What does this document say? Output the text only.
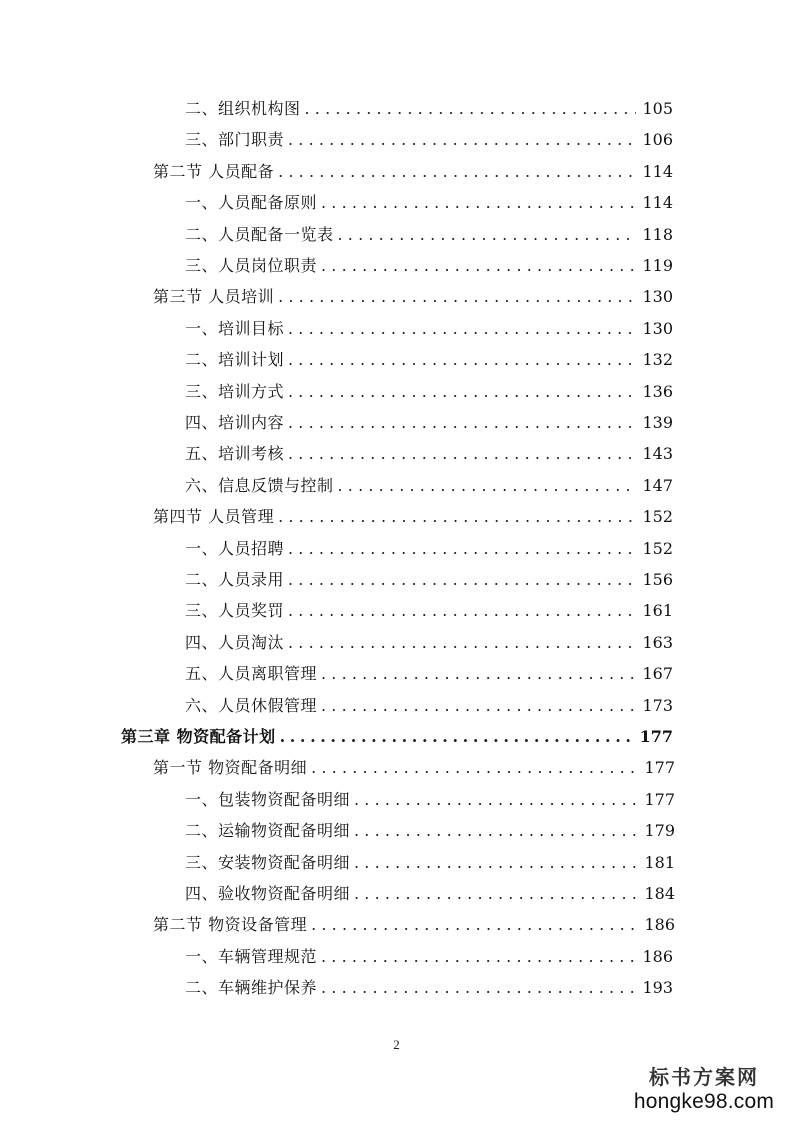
二、组织机构图 .....	105
三、部门职责 .....	106
第二节 人员配备 .....	114
一、人员配备原则 .....	114
二、人员配备一览表 .....	118
三、人员岗位职责 .....	119
第三节 人员培训 .....	130
一、培训目标 .....	130
二、培训计划 .....	132
三、培训方式 .....	136
四、培训内容 .....	139
五、培训考核 .....	143
六、信息反馈与控制 .....	147
第四节 人员管理 .....	152
一、人员招聘 .....	152
二、人员录用 .....	156
三、人员奖罚 .....	161
四、人员淘汰 .....	163
五、人员离职管理 .....	167
六、人员休假管理 .....	173
第三章 物资配备计划 .....	177
第一节 物资配备明细 .....	177
一、包装物资配备明细 .....	177
二、运输物资配备明细 .....	179
三、安装物资配备明细 .....	181
四、验收物资配备明细 .....	184
第二节 物资设备管理 .....	186
一、车辆管理规范 .....	186
二、车辆维护保养 .....	193
2
标书方案网
hongke98.com
